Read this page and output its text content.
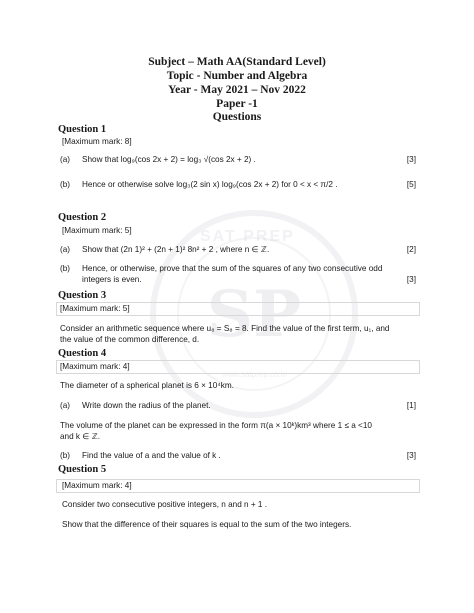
SP
SAT PREP
www.satprep.co.in
Subject – Math AA(Standard Level)
Topic - Number and Algebra
Year - May 2021 – Nov 2022
Paper -1
Questions
Question 1
[Maximum mark: 8]
(a) Show that log₉(cos 2x + 2) = log₃ √(cos 2x + 2) .	[3]
(b) Hence or otherwise solve log₃(2 sin x) log₉(cos 2x + 2) for 0 < x < π/2 .	[5]
Question 2
[Maximum mark: 5]
(a) Show that (2n 1)² + (2n + 1)² 8n² + 2 , where n ∈ ℤ.	[2]
(b) Hence, or otherwise, prove that the sum of the squares of any two consecutive odd
integers is even.	[3]
Question 3
[Maximum mark: 5]
Consider an arithmetic sequence where u₈ = S₈ = 8. Find the value of the first term, u₁, and
the value of the common difference, d.
Question 4
[Maximum mark: 4]
The diameter of a spherical planet is 6 × 10⁴km.
(a) Write down the radius of the planet.	[1]
The volume of the planet can be expressed in the form π(a × 10ᵏ)km³ where 1 ≤ a <10
and k ∈ ℤ.
(b) Find the value of a and the value of k .	[3]
Question 5
[Maximum mark: 4]
Consider two consecutive positive integers, n and n + 1 .
Show that the difference of their squares is equal to the sum of the two integers.
